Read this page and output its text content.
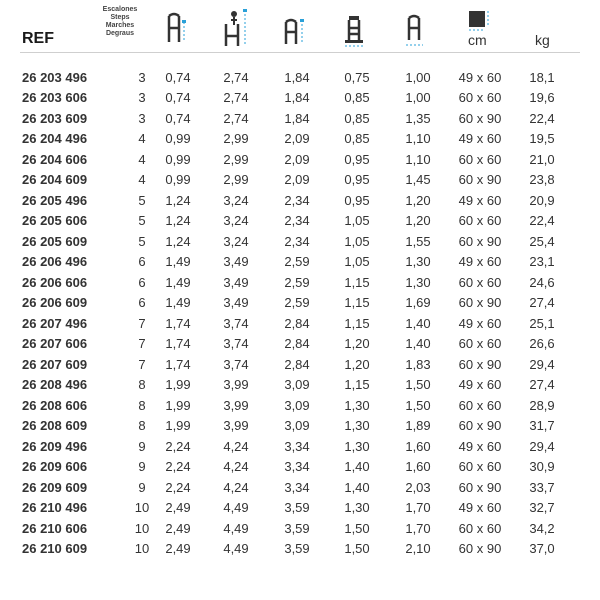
REF
Escalones
Steps
Marches
Degraus	cm	kg
26 203 496	3	0,74	2,74	1,84	0,75	1,00	49 x 60	18,1
26 203 606	3	0,74	2,74	1,84	0,85	1,00	60 x 60	19,6
26 203 609	3	0,74	2,74	1,84	0,85	1,35	60 x 90	22,4
26 204 496	4	0,99	2,99	2,09	0,85	1,10	49 x 60	19,5
26 204 606	4	0,99	2,99	2,09	0,95	1,10	60 x 60	21,0
26 204 609	4	0,99	2,99	2,09	0,95	1,45	60 x 90	23,8
26 205 496	5	1,24	3,24	2,34	0,95	1,20	49 x 60	20,9
26 205 606	5	1,24	3,24	2,34	1,05	1,20	60 x 60	22,4
26 205 609	5	1,24	3,24	2,34	1,05	1,55	60 x 90	25,4
26 206 496	6	1,49	3,49	2,59	1,05	1,30	49 x 60	23,1
26 206 606	6	1,49	3,49	2,59	1,15	1,30	60 x 60	24,6
26 206 609	6	1,49	3,49	2,59	1,15	1,69	60 x 90	27,4
26 207 496	7	1,74	3,74	2,84	1,15	1,40	49 x 60	25,1
26 207 606	7	1,74	3,74	2,84	1,20	1,40	60 x 60	26,6
26 207 609	7	1,74	3,74	2,84	1,20	1,83	60 x 90	29,4
26 208 496	8	1,99	3,99	3,09	1,15	1,50	49 x 60	27,4
26 208 606	8	1,99	3,99	3,09	1,30	1,50	60 x 60	28,9
26 208 609	8	1,99	3,99	3,09	1,30	1,89	60 x 90	31,7
26 209 496	9	2,24	4,24	3,34	1,30	1,60	49 x 60	29,4
26 209 606	9	2,24	4,24	3,34	1,40	1,60	60 x 60	30,9
26 209 609	9	2,24	4,24	3,34	1,40	2,03	60 x 90	33,7
26 210 496	10	2,49	4,49	3,59	1,30	1,70	49 x 60	32,7
26 210 606	10	2,49	4,49	3,59	1,50	1,70	60 x 60	34,2
26 210 609	10	2,49	4,49	3,59	1,50	2,10	60 x 90	37,0
